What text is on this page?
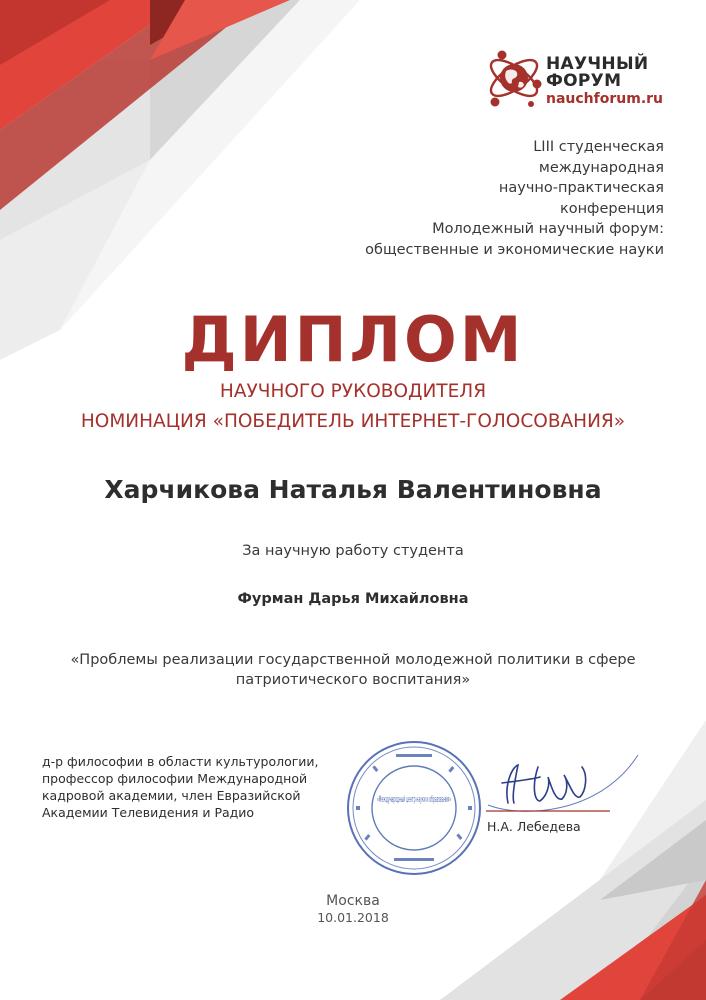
НАУЧНЫЙ
ФОРУМ
nauchforum.ru
LIII студенческая
международная
научно-практическая
конференция
Молодежный научный форум:
общественные и экономические науки
ДИПЛОМ
НАУЧНОГО РУКОВОДИТЕЛЯ
НОМИНАЦИЯ «ПОБЕДИТЕЛЬ ИНТЕРНЕТ-ГОЛОСОВАНИЯ»
Харчикова Наталья Валентиновна
За научную работу студента
Фурман Дарья Михайловна
«Проблемы реализации государственной молодежной политики в сфере патриотического воспитания»
д-р философии в области культурологии, профессор философии Международной кадровой академии, член Евразийской Академии Телевидения и Радио
«Международный центр науки и образования»
Н.А. Лебедева
Москва
10.01.2018
